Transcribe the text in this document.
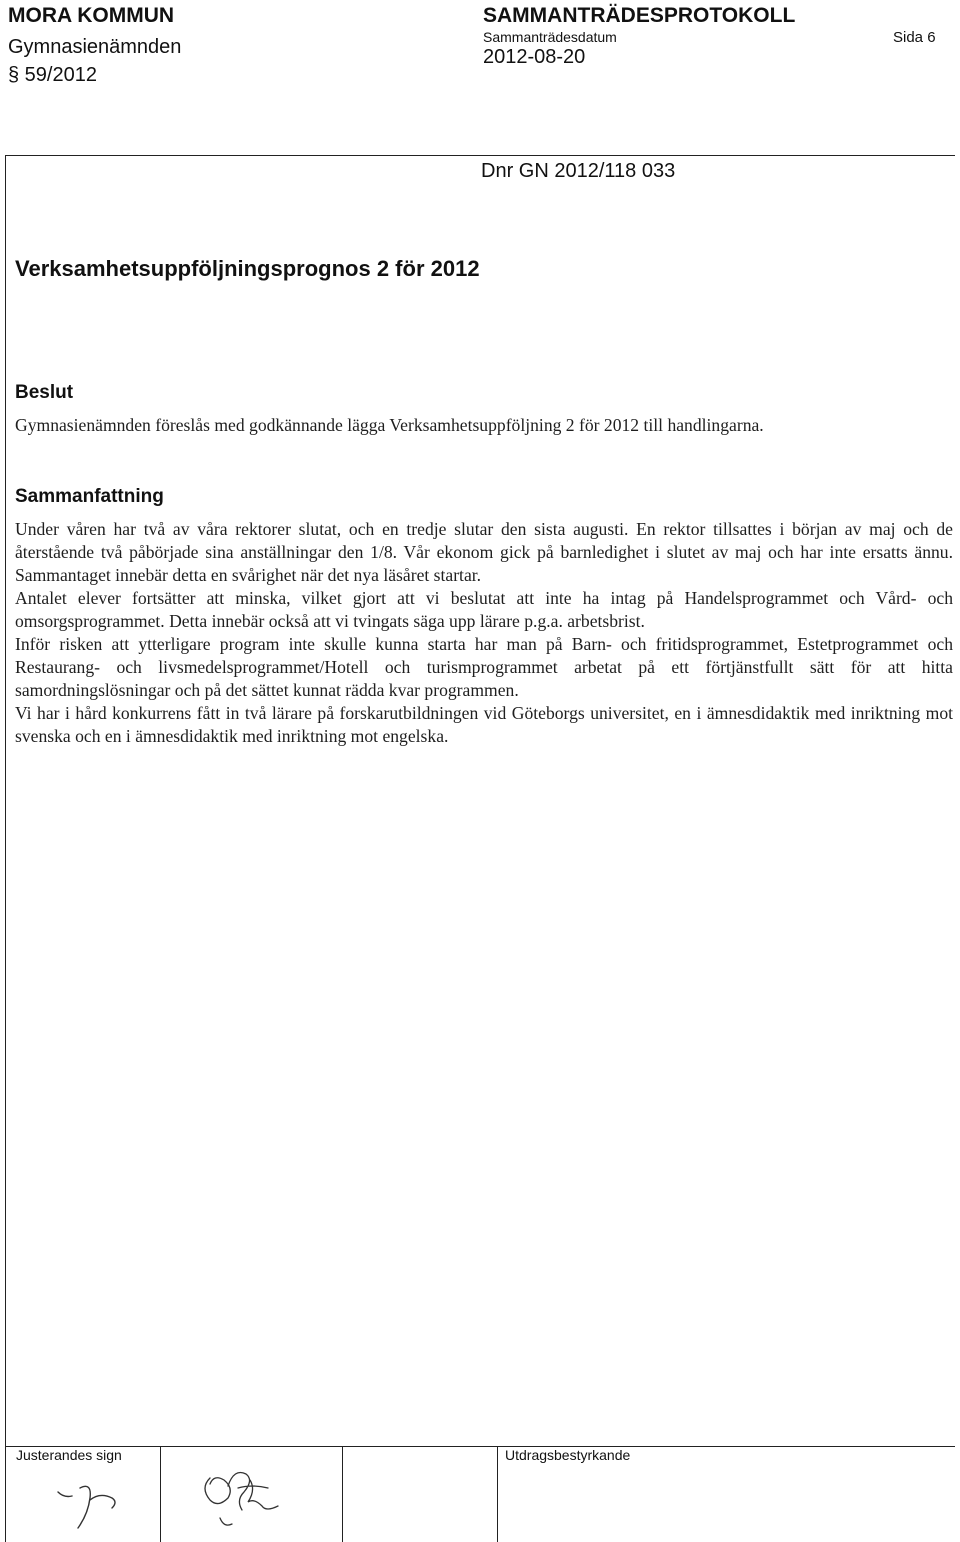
MORA KOMMUN
Gymnasienämnden
§ 59/2012
SAMMANTRÄDESPROTOKOLL
Sammanträdesdatum
2012-08-20
Sida 6
Dnr GN 2012/118 033
Verksamhetsuppföljningsprognos 2 för 2012
Beslut

Gymnasienämnden föreslås med godkännande lägga Verksamhetsuppföljning 2 för 2012 till handlingarna.

Sammanfattning

Under våren har två av våra rektorer slutat, och en tredje slutar den sista augusti. En rektor tillsattes i början av maj och de återstående två påbörjade sina anställningar den 1/8. Vår ekonom gick på barnledighet i slutet av maj och har inte ersatts ännu. Sammantaget innebär detta en svårighet när det nya läsåret startar.

Antalet elever fortsätter att minska, vilket gjort att vi beslutat att inte ha intag på Handelsprogrammet och Vård- och omsorgsprogrammet. Detta innebär också att vi tvingats säga upp lärare p.g.a. arbetsbrist.

Inför risken att ytterligare program inte skulle kunna starta har man på Barn- och fritidsprogrammet, Estetprogrammet och Restaurang- och livsmedelsprogrammet/Hotell och turismprogrammet arbetat på ett förtjänstfullt sätt för att hitta samordningslösningar och på det sättet kunnat rädda kvar programmen.

Vi har i hård konkurrens fått in två lärare på forskarutbildningen vid Göteborgs universitet, en i ämnesdidaktik med inriktning mot svenska och en i ämnesdidaktik med inriktning mot engelska.

Justerandes sign	Utdragsbestyrkande
